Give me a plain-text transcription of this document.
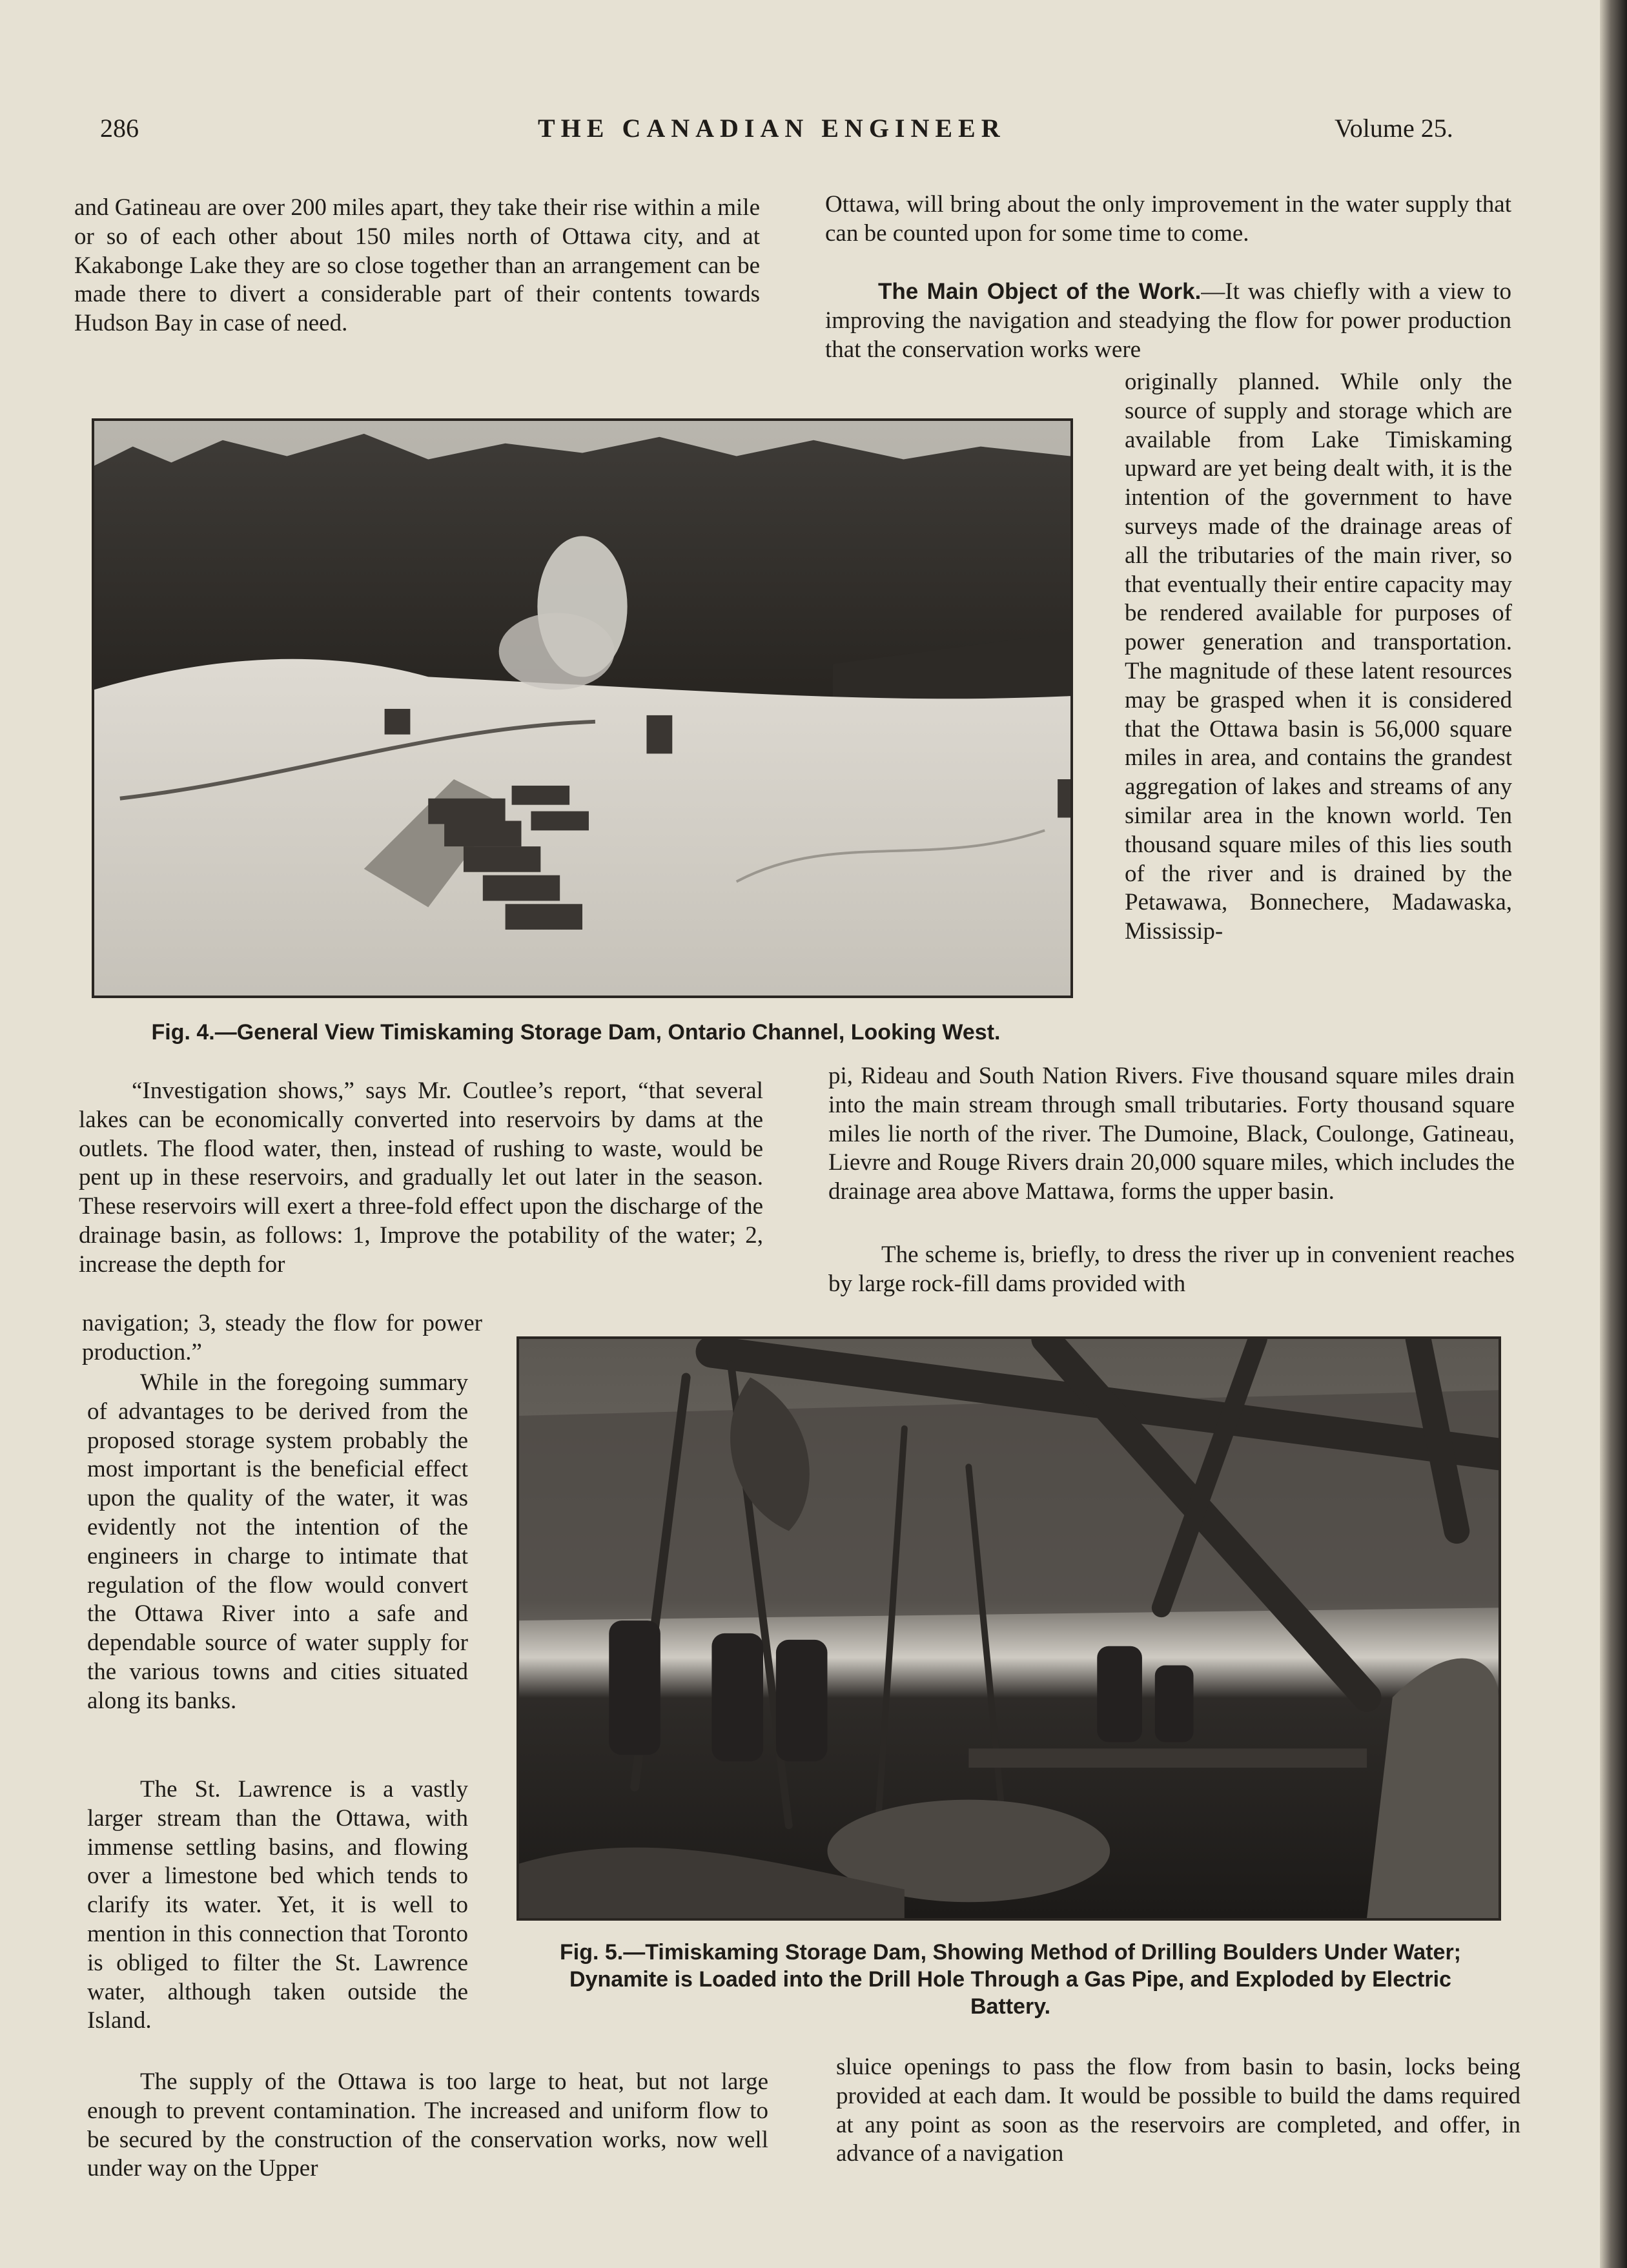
286	THE CANADIAN ENGINEER	Volume 25.

and Gatineau are over 200 miles apart, they take their rise within a mile or so of each other about 150 miles north of Ottawa city, and at Kakabonge Lake they are so close together than an arrangement can be made there to divert a considerable part of their contents towards Hudson Bay in case of need.

Ottawa, will bring about the only improvement in the water supply that can be counted upon for some time to come.

The Main Object of the Work.—It was chiefly with a view to improving the navigation and steadying the flow for power production that the conservation works were

originally planned. While only the source of supply and storage which are available from Lake Timiskaming upward are yet being dealt with, it is the intention of the government to have surveys made of the drainage areas of all the tributaries of the main river, so that eventually their entire capacity may be rendered available for purposes of power generation and transportation. The magnitude of these latent resources may be grasped when it is considered that the Ottawa basin is 56,000 square miles in area, and contains the grandest aggregation of lakes and streams of any similar area in the known world. Ten thousand square miles of this lies south of the river and is drained by the Petawawa, Bonnechere, Madawaska, Mississip-

pi, Rideau and South Nation Rivers. Five thousand square miles drain into the main stream through small tributaries. Forty thousand square miles lie north of the river. The Dumoine, Black, Coulonge, Gatineau, Lievre and Rouge Rivers drain 20,000 square miles, which includes the drainage area above Mattawa, forms the upper basin.

The scheme is, briefly, to dress the river up in convenient reaches by large rock-fill dams provided with

Fig. 4.—General View Timiskaming Storage Dam, Ontario Channel, Looking West.

“Investigation shows,” says Mr. Coutlee’s report, “that several lakes can be economically converted into reservoirs by dams at the outlets. The flood water, then, instead of rushing to waste, would be pent up in these reservoirs, and gradually let out later in the season. These reservoirs will exert a three-fold effect upon the discharge of the drainage basin, as follows: 1, Improve the potability of the water; 2, increase the depth for

navigation; 3, steady the flow for power production.”

While in the foregoing summary of advantages to be derived from the proposed storage system probably the most important is the beneficial effect upon the quality of the water, it was evidently not the intention of the engineers in charge to intimate that regulation of the flow would convert the Ottawa River into a safe and dependable source of water supply for the various towns and cities situated along its banks.

The St. Lawrence is a vastly larger stream than the Ottawa, with immense settling basins, and flowing over a limestone bed which tends to clarify its water. Yet, it is well to mention in this connection that Toronto is obliged to filter the St. Lawrence water, although taken outside the Island.

Fig. 5.—Timiskaming Storage Dam, Showing Method of Drilling Boulders Under Water; Dynamite is Loaded into the Drill Hole Through a Gas Pipe, and Exploded by Electric Battery.

The supply of the Ottawa is too large to heat, but not large enough to prevent contamination. The increased and uniform flow to be secured by the construction of the conservation works, now well under way on the Upper

sluice openings to pass the flow from basin to basin, locks being provided at each dam. It would be possible to build the dams required at any point as soon as the reservoirs are completed, and offer, in advance of a navigation
